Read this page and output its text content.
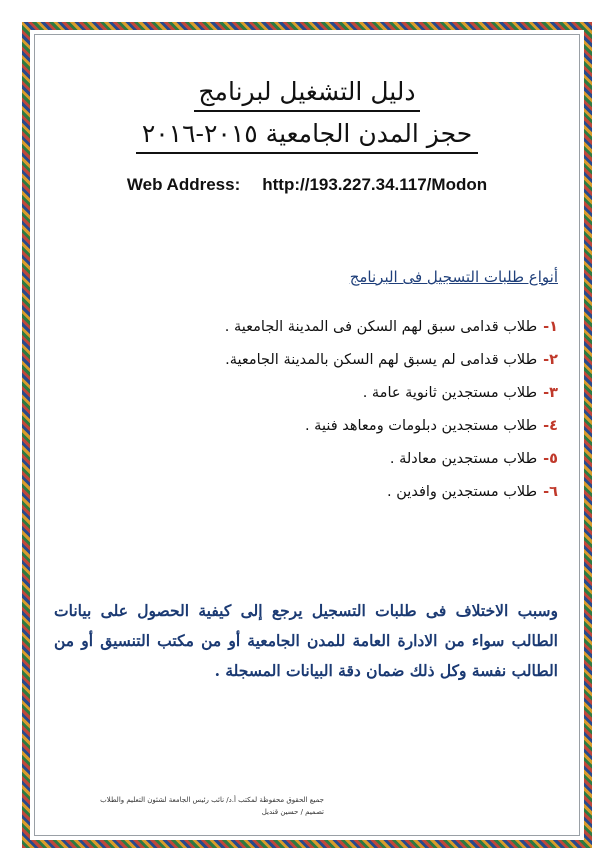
دليل التشغيل لبرنامج
حجز المدن الجامعية ٢٠١٥-٢٠١٦
Web Address: http://193.227.34.117/Modon
أنواع طلبات التسجيل فى البرنامج
١-طلاب قدامى سبق لهم السكن فى المدينة الجامعية .
٢-طلاب قدامى لم يسبق لهم السكن بالمدينة الجامعية.
٣-طلاب مستجدين ثانوية عامة .
٤-طلاب مستجدين دبلومات ومعاهد فنية .
٥-طلاب مستجدين معادلة .
٦-طلاب مستجدين وافدين .
وسبب الاختلاف فى طلبات التسجيل يرجع إلى كيفية الحصول على بيانات الطالب سواء من الادارة العامة للمدن الجامعية أو من مكتب التنسيق أو من الطالب نفسة وكل ذلك ضمان دقة البيانات المسجلة .
جميع الحقوق محفوظة لمكتب أ.د/ نائب رئيس الجامعة لشئون التعليم والطلاب
تصميم / حسين قنديل
